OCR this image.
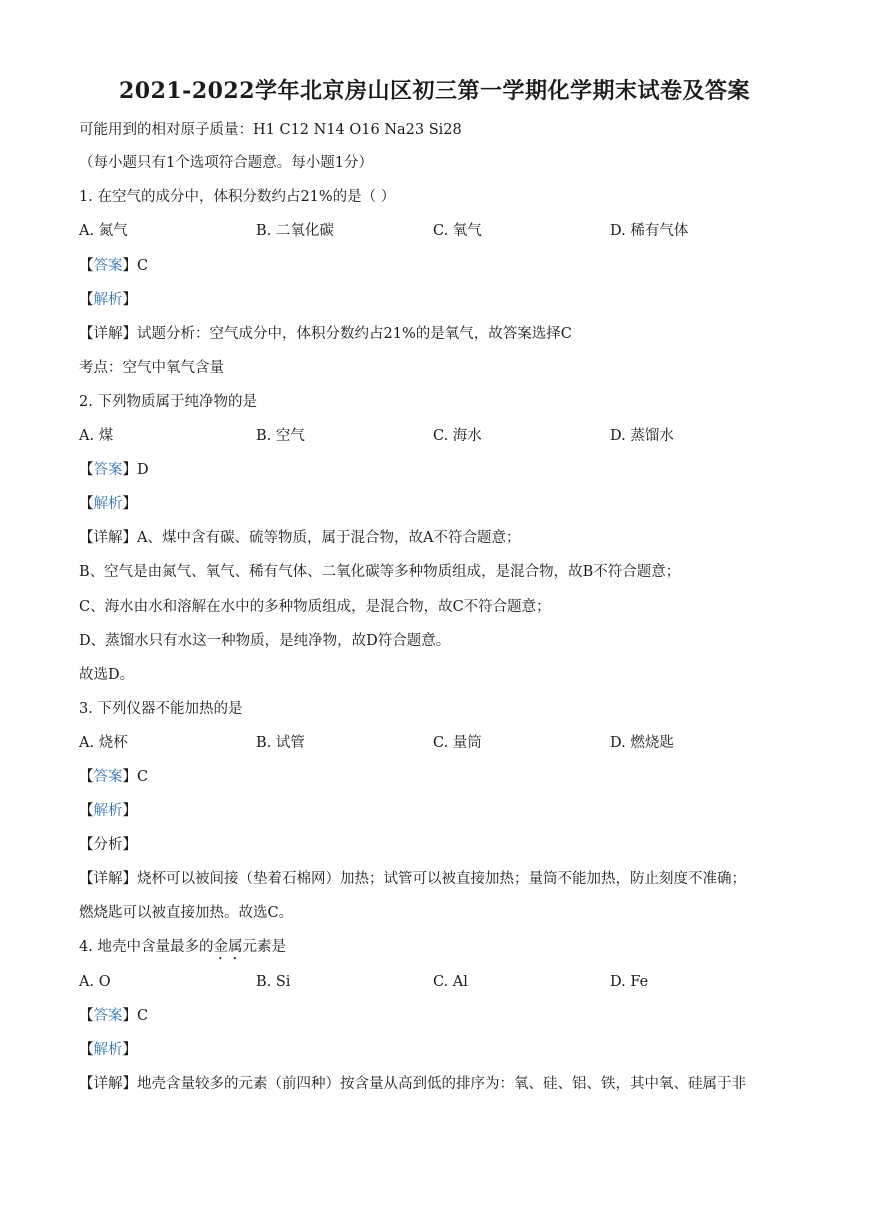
2021-2022学年北京房山区初三第一学期化学期末试卷及答案
可能用到的相对原子质量：H1 C12 N14 O16 Na23 Si28
（每小题只有1个选项符合题意。每小题1分）
1. 在空气的成分中，体积分数约占21%的是（ ）
A. 氮气	B. 二氧化碳	C. 氧气	D. 稀有气体
【答案】C
【解析】
【详解】试题分析：空气成分中，体积分数约占21%的是氧气，故答案选择C
考点：空气中氧气含量
2. 下列物质属于纯净物的是
A. 煤	B. 空气	C. 海水	D. 蒸馏水
【答案】D
【解析】
【详解】A、煤中含有碳、硫等物质，属于混合物，故A不符合题意；
B、空气是由氮气、氧气、稀有气体、二氧化碳等多种物质组成，是混合物，故B不符合题意；
C、海水由水和溶解在水中的多种物质组成，是混合物，故C不符合题意；
D、蒸馏水只有水这一种物质，是纯净物，故D符合题意。
故选D。
3. 下列仪器不能加热的是
A. 烧杯	B. 试管	C. 量筒	D. 燃烧匙
【答案】C
【解析】
【分析】
【详解】烧杯可以被间接（垫着石棉网）加热；试管可以被直接加热；量筒不能加热，防止刻度不准确；
燃烧匙可以被直接加热。故选C。
4. 地壳中含量最多的金属元素是
A. O	B. Si	C. Al	D. Fe
【答案】C
【解析】
【详解】地壳含量较多的元素（前四种）按含量从高到低的排序为：氧、硅、铝、铁，其中氧、硅属于非
